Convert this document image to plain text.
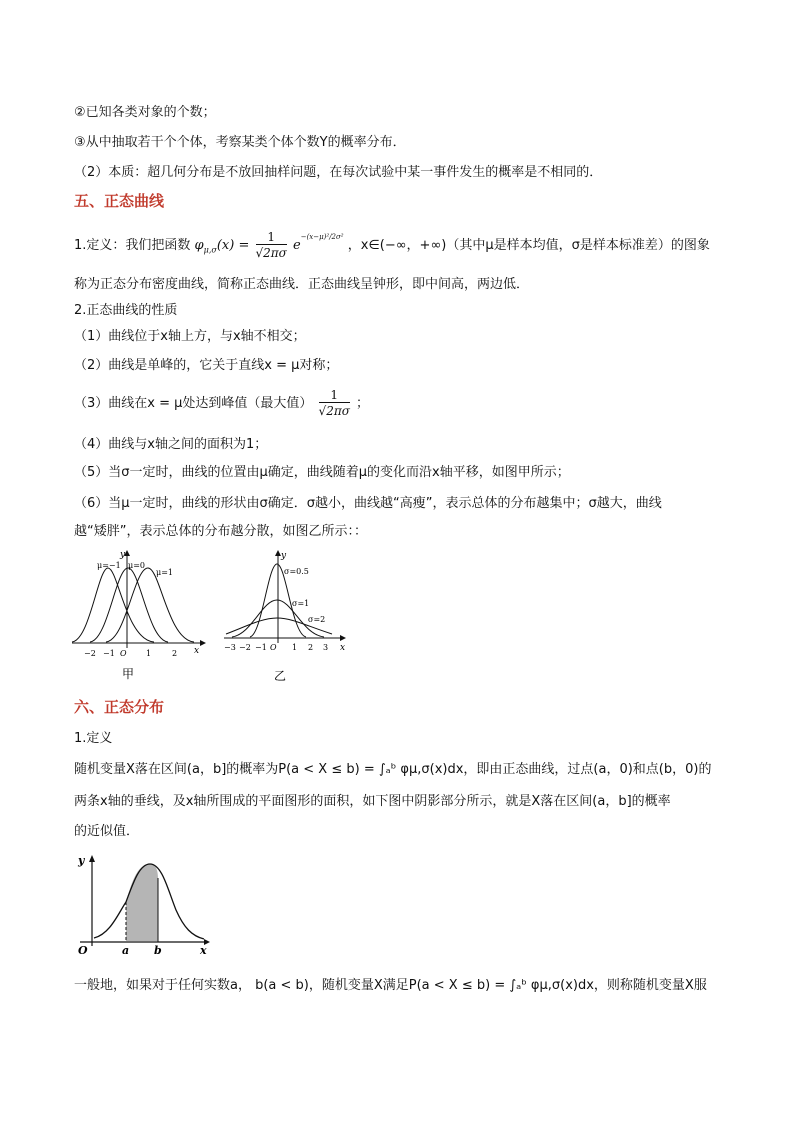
②已知各类对象的个数；
③从中抽取若干个个体，考察某类个体个数Y的概率分布．
（2）本质：超几何分布是不放回抽样问题，在每次试验中某一事件发生的概率是不相同的．
五、正态曲线
1.定义：我们把函数 $\varphi_{\mu,\sigma}(x) = \frac{1}{√2\pi\sigma} e^{-(x-\mu)^2/2\sigma^2}$ ，x∈(−∞，+∞)（其中μ是样本均值，σ是样本标准差）的图象
称为正态分布密度曲线，简称正态曲线．正态曲线呈钟形，即中间高，两边低．
2.正态曲线的性质
（1）曲线位于x轴上方，与x轴不相交；
（2）曲线是单峰的，它关于直线x = μ对称；
（3）曲线在x = μ处达到峰值（最大值） $\frac{1}{√2\pi\sigma}$ ；
（4）曲线与x轴之间的面积为1；
（5）当σ一定时，曲线的位置由μ确定，曲线随着μ的变化而沿x轴平移，如图甲所示；
（6）当μ一定时，曲线的形状由σ确定．σ越小，曲线越“高瘦”，表示总体的分布越集中；σ越大，曲线
越“矮胖”，表示总体的分布越分散，如图乙所示：：
μ=−1 μ=0
μ=1
−2 −1 O 1	2 x
y
甲
σ=0.5
σ=1
σ=2
−3 −2 −1 O 1 2 3 x
y
乙
六、正态分布
1.定义
随机变量X落在区间(a，b]的概率为P(a < X ≤ b) = ∫ₐᵇ φμ,σ(x)dx，即由正态曲线，过点(a，0)和点(b，0)的
两条x轴的垂线，及x轴所围成的平面图形的面积，如下图中阴影部分所示，就是X落在区间(a，b]的概率
的近似值．
O	a b	x
y
一般地，如果对于任何实数a， b(a < b)，随机变量X满足P(a < X ≤ b) = ∫ₐᵇ φμ,σ(x)dx，则称随机变量X服
